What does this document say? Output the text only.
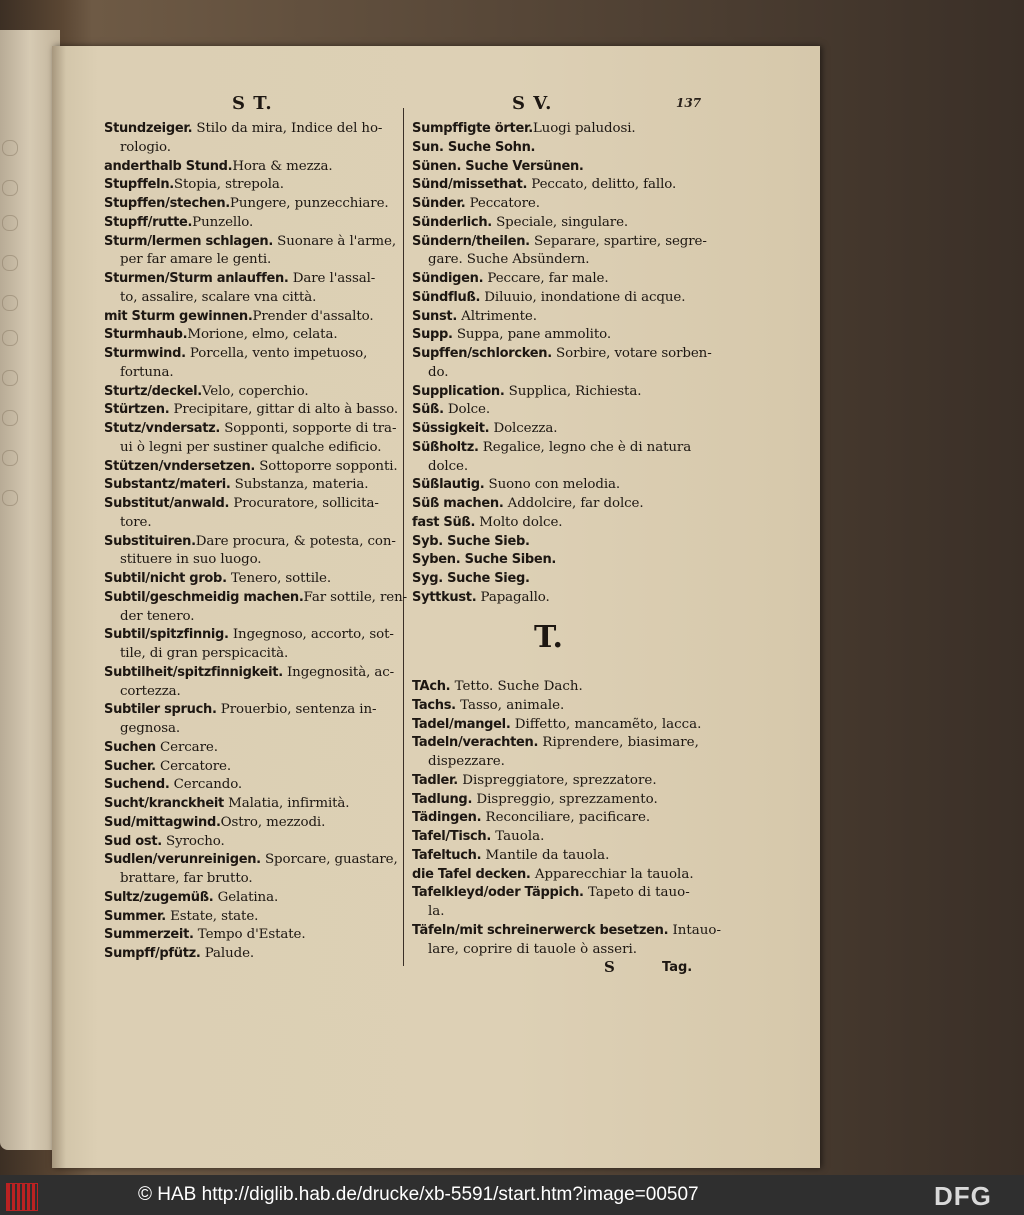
S T.	S V.	137
Stundzeiger. Stilo da mira, Indice del ho-
rologio.
anderthalb Stund.Hora & mezza.
Stupffeln.Stopia, strepola.
Stupffen/stechen.Pungere, punzecchiare.
Stupff/rutte.Punzello.
Sturm/lermen schlagen. Suonare à l'arme,
per far amare le genti.
Sturmen/Sturm anlauffen. Dare l'assal-
to, assalire, scalare vna città.
mit Sturm gewinnen.Prender d'assalto.
Sturmhaub.Morione, elmo, celata.
Sturmwind. Porcella, vento impetuoso,
fortuna.
Sturtz/deckel.Velo, coperchio.
Stürtzen. Precipitare, gittar di alto à basso.
Stutz/vndersatz. Sopponti, sopporte di tra-
ui ò legni per sustiner qualche edificio.
Stützen/vndersetzen. Sottoporre sopponti.
Substantz/materi. Substanza, materia.
Substitut/anwald. Procuratore, sollicita-
tore.
Substituiren.Dare procura, & potesta, con-
stituere in suo luogo.
Subtil/nicht grob. Tenero, sottile.
Subtil/geschmeidig machen.Far sottile, ren-
der tenero.
Subtil/spitzfinnig. Ingegnoso, accorto, sot-
tile, di gran perspicacità.
Subtilheit/spitzfinnigkeit. Ingegnosità, ac-
cortezza.
Subtiler spruch. Prouerbio, sentenza in-
gegnosa.
Suchen Cercare.
Sucher. Cercatore.
Suchend. Cercando.
Sucht/kranckheit Malatia, infirmità.
Sud/mittagwind.Ostro, mezzodi.
Sud ost. Syrocho.
Sudlen/verunreinigen. Sporcare, guastare,
brattare, far brutto.
Sultz/zugemüß. Gelatina.
Summer. Estate, state.
Summerzeit. Tempo d'Estate.
Sumpff/pfütz. Palude.
Sumpffigte örter.Luogi paludosi.
Sun. Suche Sohn.
Sünen. Suche Versünen.
Sünd/missethat. Peccato, delitto, fallo.
Sünder. Peccatore.
Sünderlich. Speciale, singulare.
Sündern/theilen. Separare, spartire, segre-
gare. Suche Absündern.
Sündigen. Peccare, far male.
Sündfluß. Diluuio, inondatione di acque.
Sunst. Altrimente.
Supp. Suppa, pane ammolito.
Supffen/schlorcken. Sorbire, votare sorben-
do.
Supplication. Supplica, Richiesta.
Süß. Dolce.
Süssigkeit. Dolcezza.
Süßholtz. Regalice, legno che è di natura
dolce.
Süßlautig. Suono con melodia.
Süß machen. Addolcire, far dolce.
fast Süß. Molto dolce.
Syb. Suche Sieb.
Syben. Suche Siben.
Syg. Suche Sieg.
Syttkust. Papagallo.
T.
TAch. Tetto. Suche Dach.
Tachs. Tasso, animale.
Tadel/mangel. Diffetto, mancamẽto, lacca.
Tadeln/verachten. Riprendere, biasimare,
dispezzare.
Tadler. Dispreggiatore, sprezzatore.
Tadlung. Dispreggio, sprezzamento.
Tädingen. Reconciliare, pacificare.
Tafel/Tisch. Tauola.
Tafeltuch. Mantile da tauola.
die Tafel decken. Apparecchiar la tauola.
Tafelkleyd/oder Täppich. Tapeto di tauo-
la.
Täfeln/mit schreinerwerck besetzen. Intauo-
lare, coprire di tauole ò asseri.
S	Tag.
© HAB http://diglib.hab.de/drucke/xb-5591/start.htm?image=00507	DFG
